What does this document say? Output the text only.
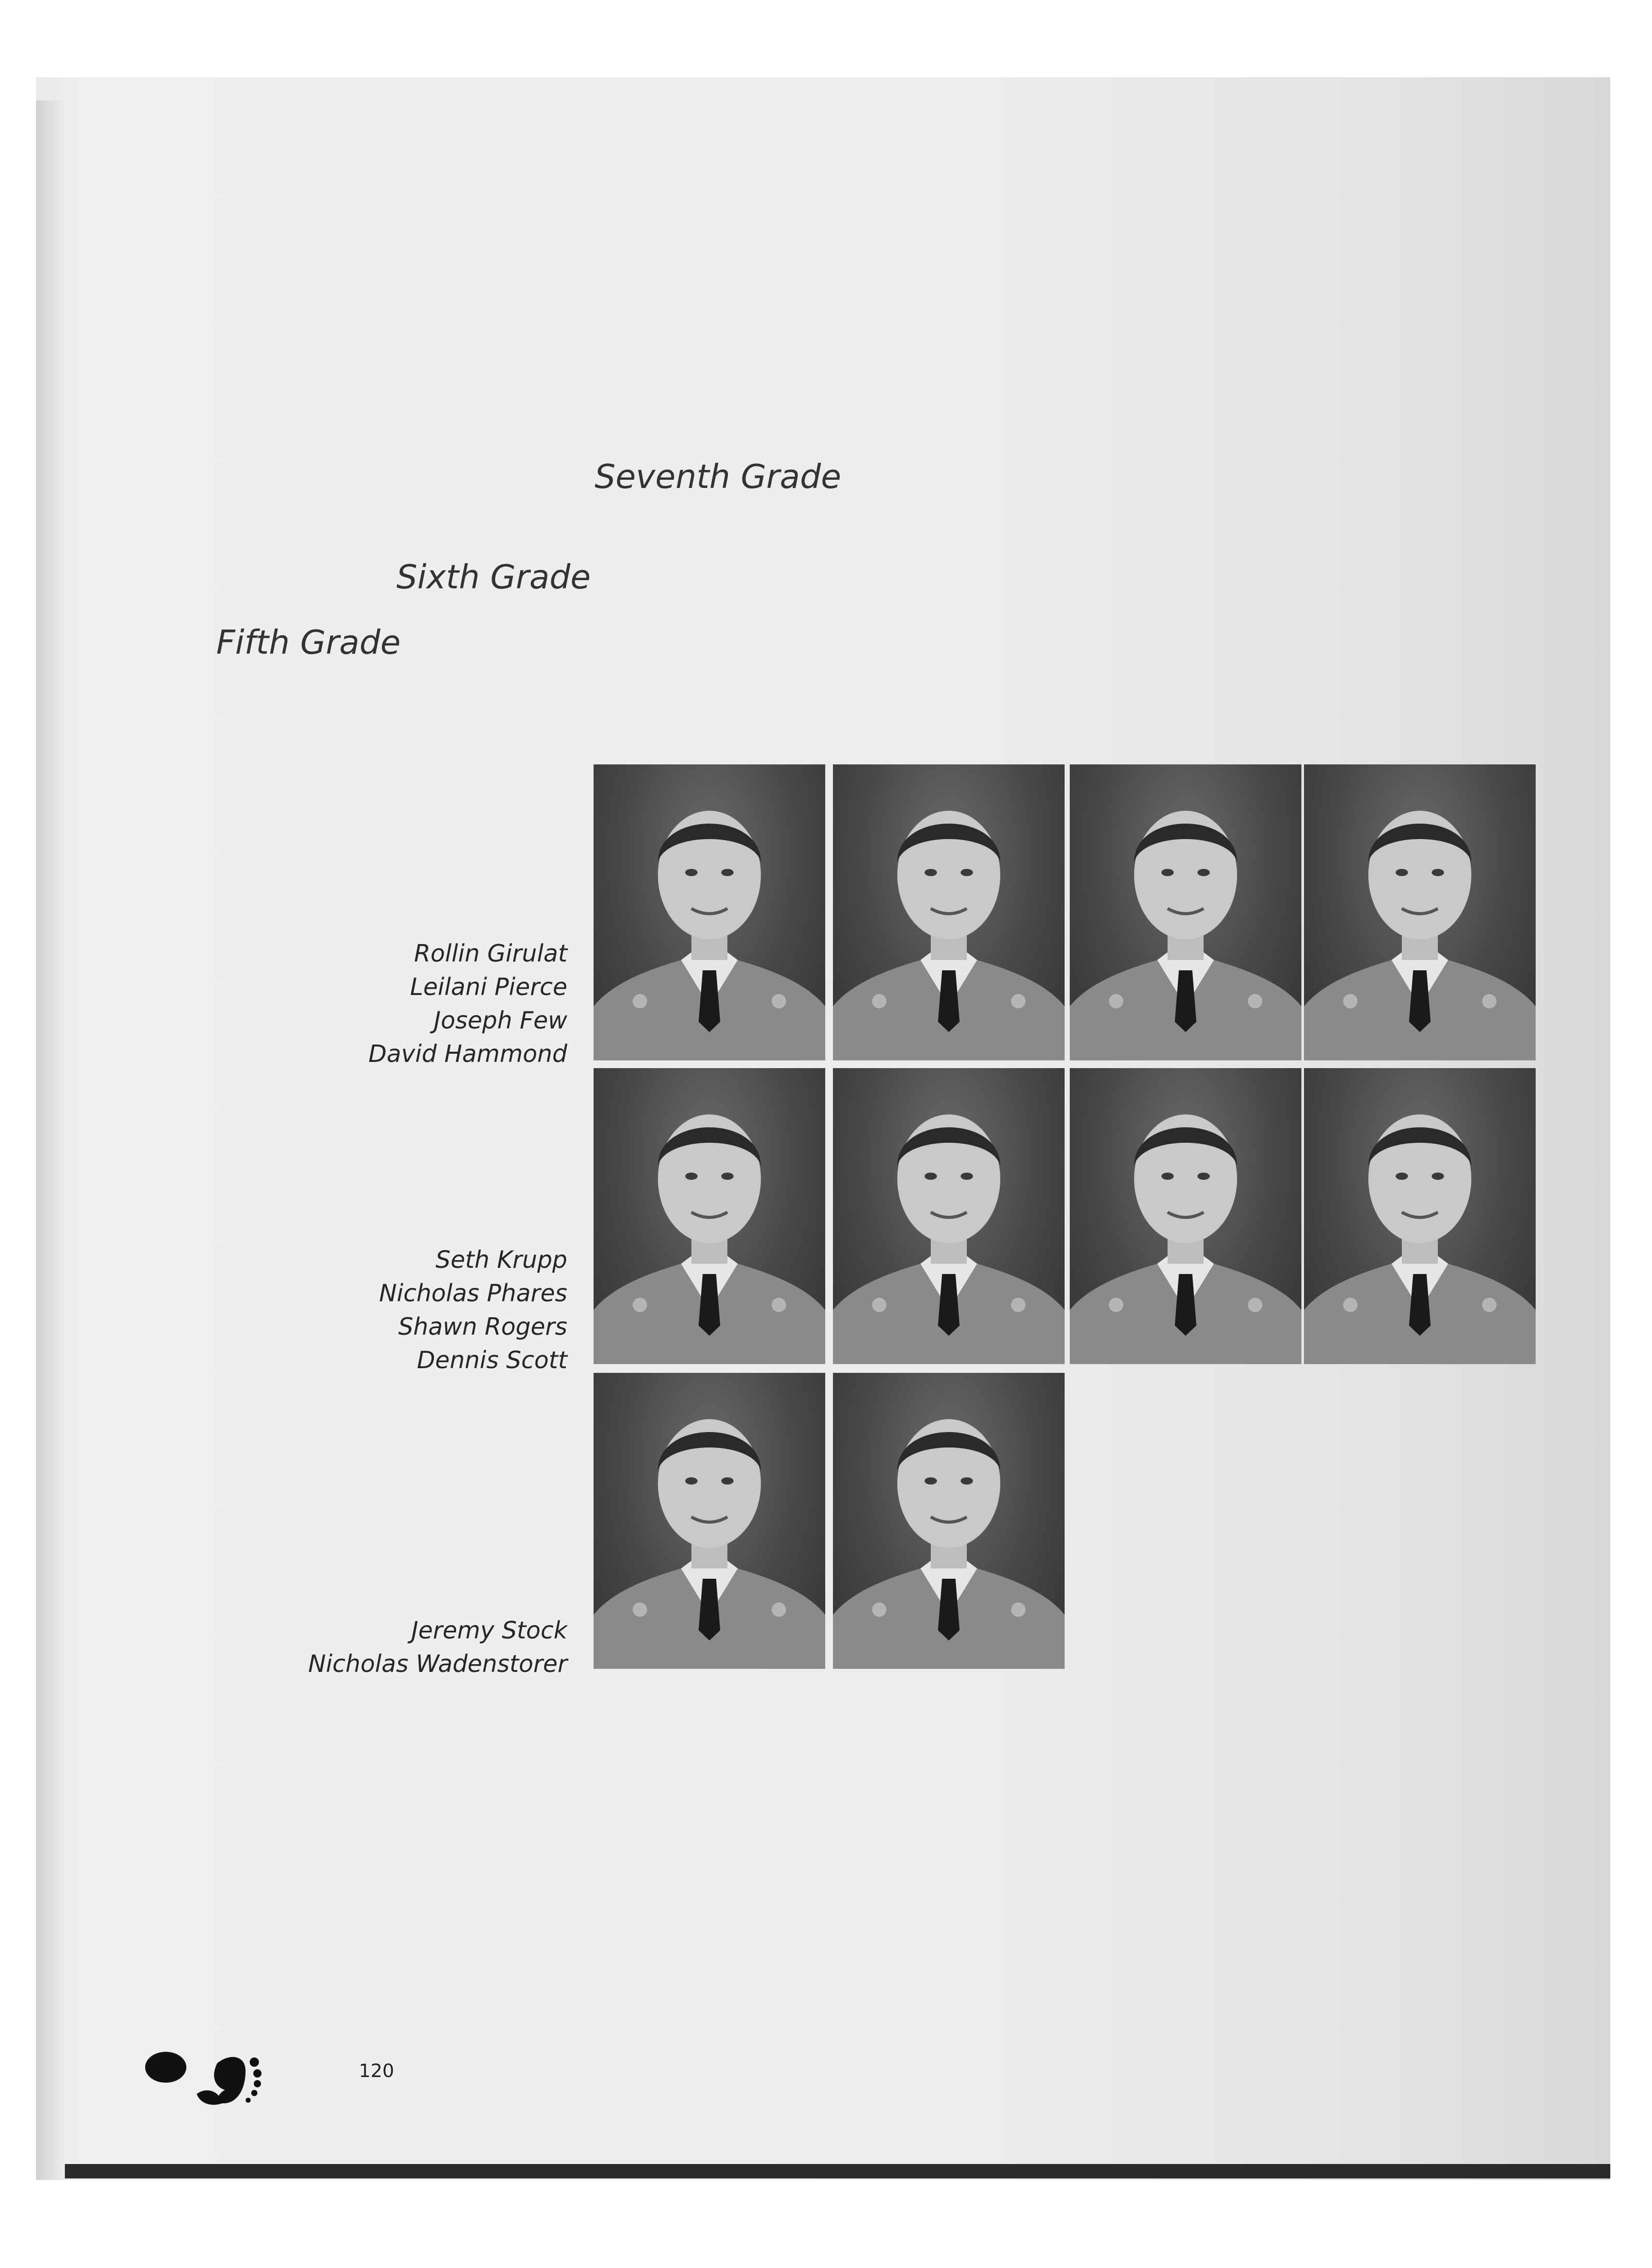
Seventh Grade
Sixth Grade
Fifth Grade
Rollin Girulat
Leilani Pierce
Joseph Few
David Hammond
Seth Krupp
Nicholas Phares
Shawn Rogers
Dennis Scott
Jeremy Stock
Nicholas Wadenstorer
120
